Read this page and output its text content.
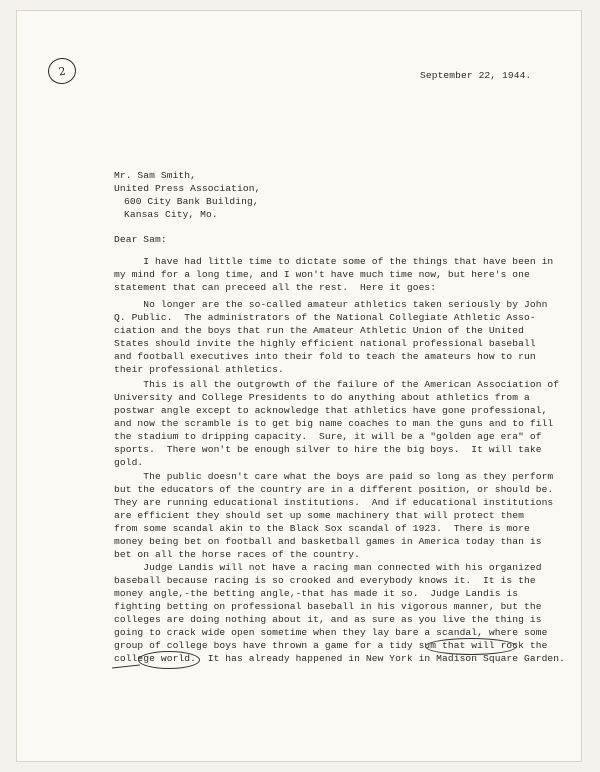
2	September 22, 1944.

Mr. Sam Smith,

United Press Association,

600 City Bank Building,

Kansas City, Mo.

Dear Sam:

I have had little time to dictate some of the things that have been in

my mind for a long time, and I won't have much time now, but here's one

statement that can preceed all the rest.  Here it goes:

No longer are the so-called amateur athletics taken seriously by John

Q. Public.  The administrators of the National Collegiate Athletic Asso-

ciation and the boys that run the Amateur Athletic Union of the United

States should invite the highly efficient national professional baseball

and football executives into their fold to teach the amateurs how to run

their professional athletics.

This is all the outgrowth of the failure of the American Association of

University and College Presidents to do anything about athletics from a

postwar angle except to acknowledge that athletics have gone professional,

and now the scramble is to get big name coaches to man the guns and to fill

the stadium to dripping capacity.  Sure, it will be a "golden age era" of

sports.  There won't be enough silver to hire the big boys.  It will take

gold.

The public doesn't care what the boys are paid so long as they perform

but the educators of the country are in a different position, or should be.

They are running educational institutions.  And if educational institutions

are efficient they should set up some machinery that will protect them

from some scandal akin to the Black Sox scandal of 1923.  There is more

money being bet on football and basketball games in America today than is

bet on all the horse races of the country.

Judge Landis will not have a racing man connected with his organized

baseball because racing is so crooked and everybody knows it.  It is the

money angle,-the betting angle,-that has made it so.  Judge Landis is

fighting betting on professional baseball in his vigorous manner, but the

colleges are doing nothing about it, and as sure as you live the thing is

going to crack wide open sometime when they lay bare a scandal, where some

group of college boys have thrown a game for a tidy sum that will rock the

college world.  It has already happened in New York in Madison Square Garden.
